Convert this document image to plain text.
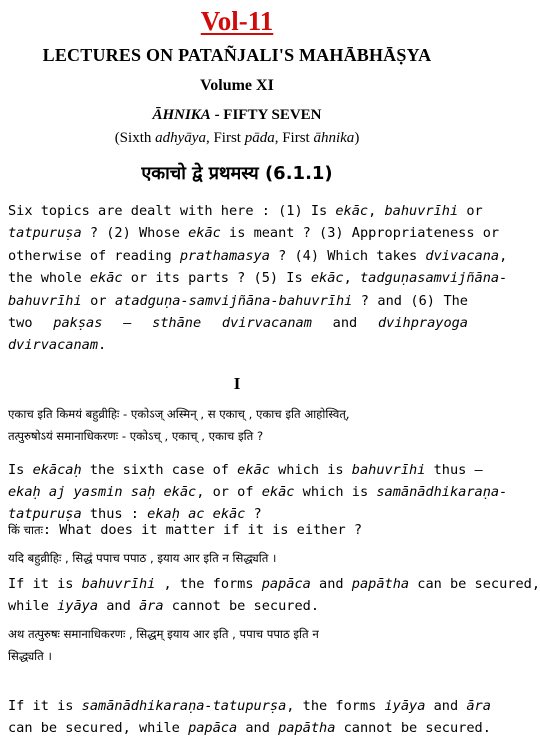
Vol-11
LECTURES ON PATAÑJALI'S MAHĀBHĀṢYA
Volume XI
ĀHNIKA - FIFTY SEVEN
(Sixth adhyāya, First pāda, First āhnika)
एकाचो द्वे प्रथमस्य (6.1.1)
Six topics are dealt with here : (1) Is ekāc, bahuvrīhi or
tatpuruṣa ? (2) Whose ekāc is meant ? (3) Appropriateness or
otherwise of reading prathamasya ? (4) Which takes dvivacana,
the whole ekāc or its parts ? (5) Is ekāc, tadguṇasamvijñāna-
bahuvrīhi or atadguṇa-samvijñāna-bahuvrīhi ? and (6) The
two pakṣas – sthāne dvirvacanam and dvihprayoga
dvirvacanam.
I
एकाच इति किमयं बहुव्रीहिः - एकोऽज् अस्मिन् , स एकाच् , एकाच इति आहोस्वित्,
तत्पुरुषोऽयं समानाधिकरणः - एकोऽच् , एकाच् , एकाच इति ?
Is ekācaḥ the sixth case of ekāc which is bahuvrīhi thus –
ekaḥ aj yasmin saḥ ekāc, or of ekāc which is samānādhikaraṇa-
tatpuruṣa thus : ekaḥ ac ekāc ?
किं चातः: What does it matter if it is either ?
यदि बहुव्रीहिः , सिद्धं पपाच पपाठ , इयाय आर इति न सिद्ध्यति ।
If it is bahuvrīhi , the forms papāca and papātha can be secured,
while iyāya and āra cannot be secured.
अथ तत्पुरुषः समानाधिकरणः , सिद्धम् इयाय आर इति , पपाच पपाठ इति न
सिद्ध्यति ।
If it is samānādhikaraṇa-tatupurṣa, the forms iyāya and āra
can be secured, while papāca and papātha cannot be secured.
